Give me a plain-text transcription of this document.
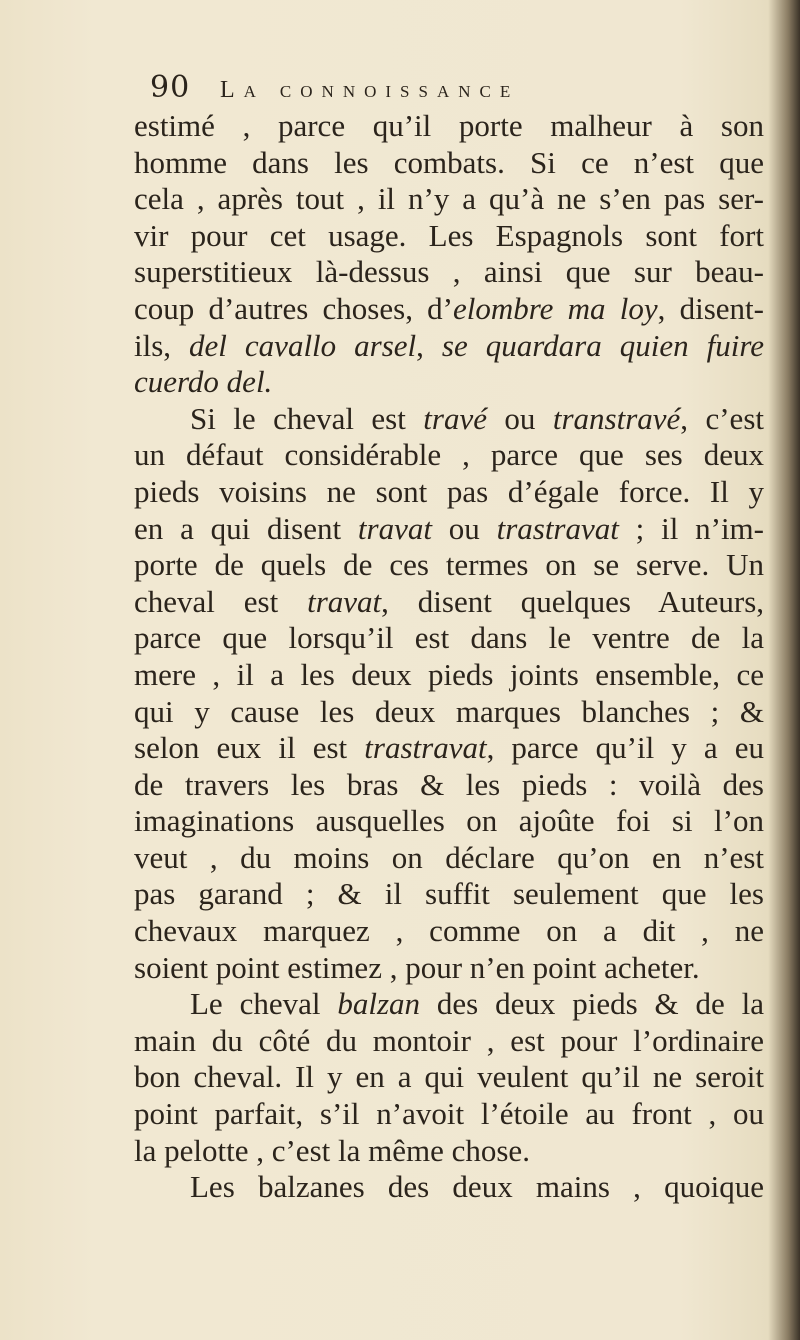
90	La connoissance
estimé , parce qu’il porte malheur à son
homme dans les combats. Si ce n’est que
cela , après tout , il n’y a qu’à ne s’en pas ser-
vir pour cet usage. Les Espagnols sont fort
superstitieux là-dessus , ainsi que sur beau-
coup d’autres choses, d’elombre ma loy, disent-
ils, del cavallo arsel, se quardara quien fuire
cuerdo del.
Si le cheval est travé ou transtravé, c’est
un défaut considérable , parce que ses deux
pieds voisins ne sont pas d’égale force. Il y
en a qui disent travat ou trastravat ; il n’im-
porte de quels de ces termes on se serve. Un
cheval est travat, disent quelques Auteurs,
parce que lorsqu’il est dans le ventre de la
mere , il a les deux pieds joints ensemble, ce
qui y cause les deux marques blanches ; &
selon eux il est trastravat, parce qu’il y a eu
de travers les bras & les pieds : voilà des
imaginations ausquelles on ajoûte foi si l’on
veut , du moins on déclare qu’on en n’est
pas garand ; & il suffit seulement que les
chevaux marquez , comme on a dit , ne
soient point estimez , pour n’en point acheter.
Le cheval balzan des deux pieds & de la
main du côté du montoir , est pour l’ordinaire
bon cheval. Il y en a qui veulent qu’il ne seroit
point parfait, s’il n’avoit l’étoile au front , ou
la pelotte , c’est la même chose.
Les balzanes des deux mains , quoique
